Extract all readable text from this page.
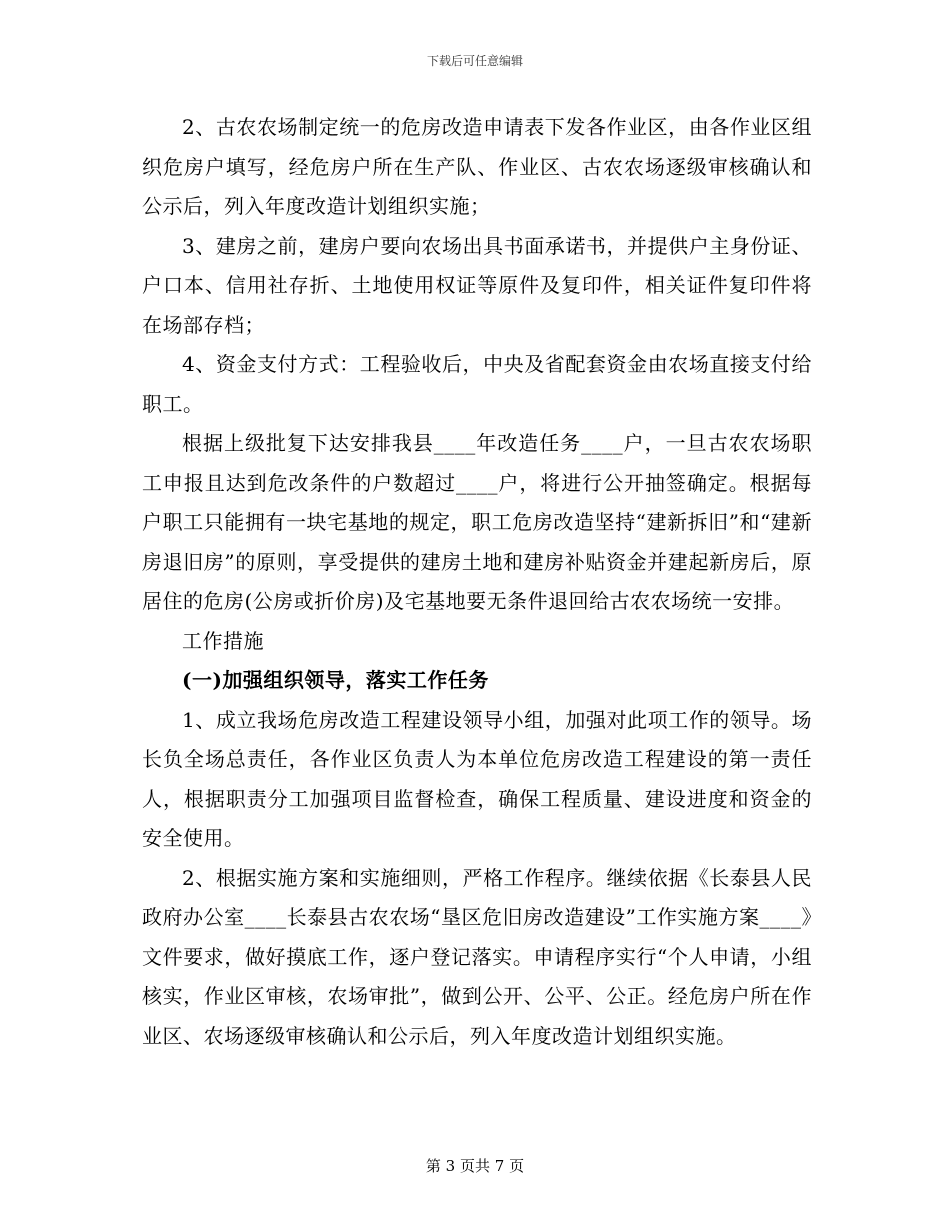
下载后可任意编辑

2、古农农场制定统一的危房改造申请表下发各作业区，由各作业区组织危房户填写，经危房户所在生产队、作业区、古农农场逐级审核确认和公示后，列入年度改造计划组织实施；

3、建房之前，建房户要向农场出具书面承诺书，并提供户主身份证、户口本、信用社存折、土地使用权证等原件及复印件，相关证件复印件将在场部存档；

4、资金支付方式：工程验收后，中央及省配套资金由农场直接支付给职工。

根据上级批复下达安排我县____年改造任务____户，一旦古农农场职工申报且达到危改条件的户数超过____户，将进行公开抽签确定。根据每户职工只能拥有一块宅基地的规定，职工危房改造坚持“建新拆旧”和“建新房退旧房”的原则，享受提供的建房土地和建房补贴资金并建起新房后，原居住的危房(公房或折价房)及宅基地要无条件退回给古农农场统一安排。

工作措施

(一)加强组织领导，落实工作任务

1、成立我场危房改造工程建设领导小组，加强对此项工作的领导。场长负全场总责任，各作业区负责人为本单位危房改造工程建设的第一责任人，根据职责分工加强项目监督检查，确保工程质量、建设进度和资金的安全使用。

2、根据实施方案和实施细则，严格工作程序。继续依据《长泰县人民政府办公室____长泰县古农农场“垦区危旧房改造建设”工作实施方案____》文件要求，做好摸底工作，逐户登记落实。申请程序实行“个人申请，小组核实，作业区审核，农场审批”，做到公开、公平、公正。经危房户所在作业区、农场逐级审核确认和公示后，列入年度改造计划组织实施。

第 3 页共 7 页
